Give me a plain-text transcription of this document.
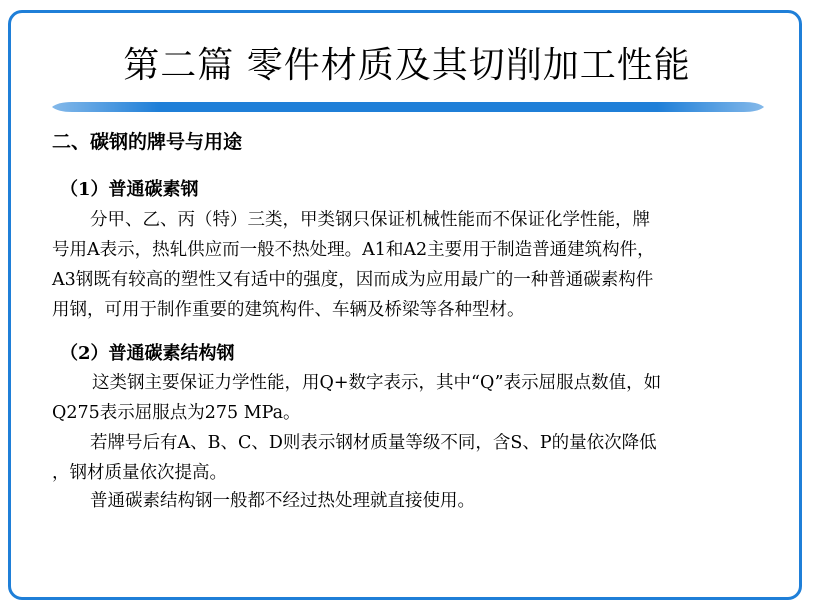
第二篇 零件材质及其切削加工性能
二、碳钢的牌号与用途
（1）普通碳素钢
分甲、乙、丙（特）三类，甲类钢只保证机械性能而不保证化学性能，牌
号用A表示，热轧供应而一般不热处理。A1和A2主要用于制造普通建筑构件，
A3钢既有较高的塑性又有适中的强度，因而成为应用最广的一种普通碳素构件
用钢，可用于制作重要的建筑构件、车辆及桥梁等各种型材。
（2）普通碳素结构钢
这类钢主要保证力学性能，用Q+数字表示，其中“Q”表示屈服点数值，如
Q275表示屈服点为275 MPa。
若牌号后有A、B、C、D则表示钢材质量等级不同，含S、P的量依次降低
，钢材质量依次提高。
普通碳素结构钢一般都不经过热处理就直接使用。
